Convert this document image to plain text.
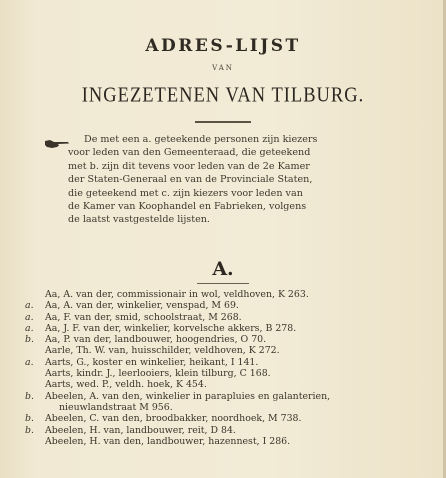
ADRES-LIJST
VAN
INGEZETENEN VAN TILBURG.

De met een a. geteekende personen zijn kiezers

voor leden van den Gemeenteraad, die geteekend

met b. zijn dit tevens voor leden van de 2e Kamer

der Staten-Generaal en van de Provinciale Staten,

die geteekend met c. zijn kiezers voor leden van

de Kamer van Koophandel en Fabrieken, volgens

de laatst vastgestelde lijsten.

A.
Aa, A. van der, commissionair in wol, veldhoven, K 263.
a. Aa, A. van der, winkelier, venspad, M 69.
a. Aa, F. van der, smid, schoolstraat, M 268.
a. Aa, J. F. van der, winkelier, korvelsche akkers, B 278.
b. Aa, P. van der, landbouwer, hoogendries, O 70.
Aarle, Th. W. van, huisschilder, veldhoven, K 272.
a. Aarts, G., koster en winkelier, heikant, I 141.
Aarts, kindr. J., leerlooiers, klein tilburg, C 168.
Aarts, wed. P., veldh. hoek, K 454.
b. Abeelen, A. van den, winkelier in parapluies en galanterien,
nieuwlandstraat M 956.
b. Abeelen, C. van den, broodbakker, noordhoek, M 738.
b. Abeelen, H. van, landbouwer, reit, D 84.
Abeelen, H. van den, landbouwer, hazennest, I 286.
